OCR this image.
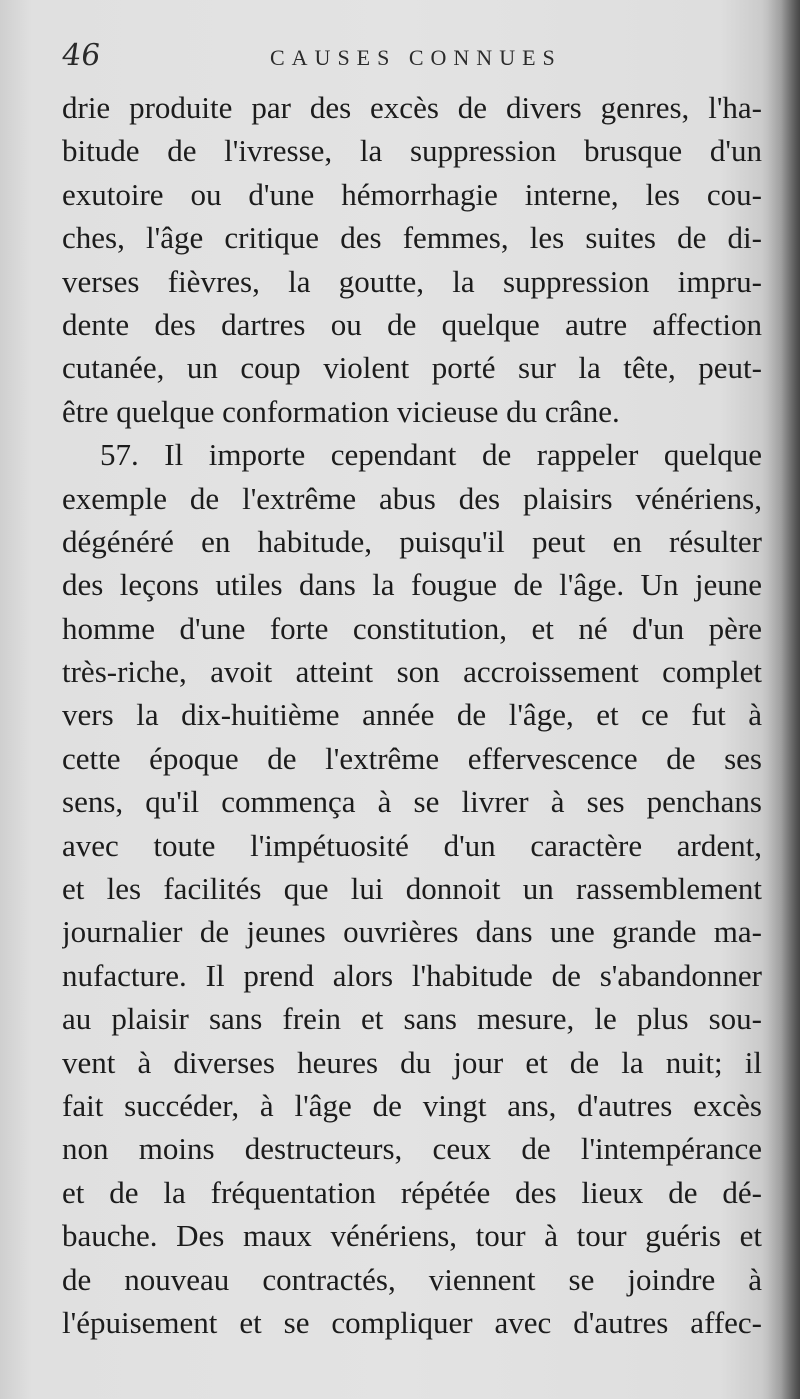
46	CAUSES CONNUES
drie produite par des excès de divers genres, l'ha-
bitude de l'ivresse, la suppression brusque d'un
exutoire ou d'une hémorrhagie interne, les cou-
ches, l'âge critique des femmes, les suites de di-
verses fièvres, la goutte, la suppression impru-
dente des dartres ou de quelque autre affection
cutanée, un coup violent porté sur la tête, peut-
être quelque conformation vicieuse du crâne.
57. Il importe cependant de rappeler quelque
exemple de l'extrême abus des plaisirs vénériens,
dégénéré en habitude, puisqu'il peut en résulter
des leçons utiles dans la fougue de l'âge. Un jeune
homme d'une forte constitution, et né d'un père
très-riche, avoit atteint son accroissement complet
vers la dix-huitième année de l'âge, et ce fut à
cette époque de l'extrême effervescence de ses
sens, qu'il commença à se livrer à ses penchans
avec toute l'impétuosité d'un caractère ardent,
et les facilités que lui donnoit un rassemblement
journalier de jeunes ouvrières dans une grande ma-
nufacture. Il prend alors l'habitude de s'abandonner
au plaisir sans frein et sans mesure, le plus sou-
vent à diverses heures du jour et de la nuit; il
fait succéder, à l'âge de vingt ans, d'autres excès
non moins destructeurs, ceux de l'intempérance
et de la fréquentation répétée des lieux de dé-
bauche. Des maux vénériens, tour à tour guéris et
de nouveau contractés, viennent se joindre à
l'épuisement et se compliquer avec d'autres affec-
